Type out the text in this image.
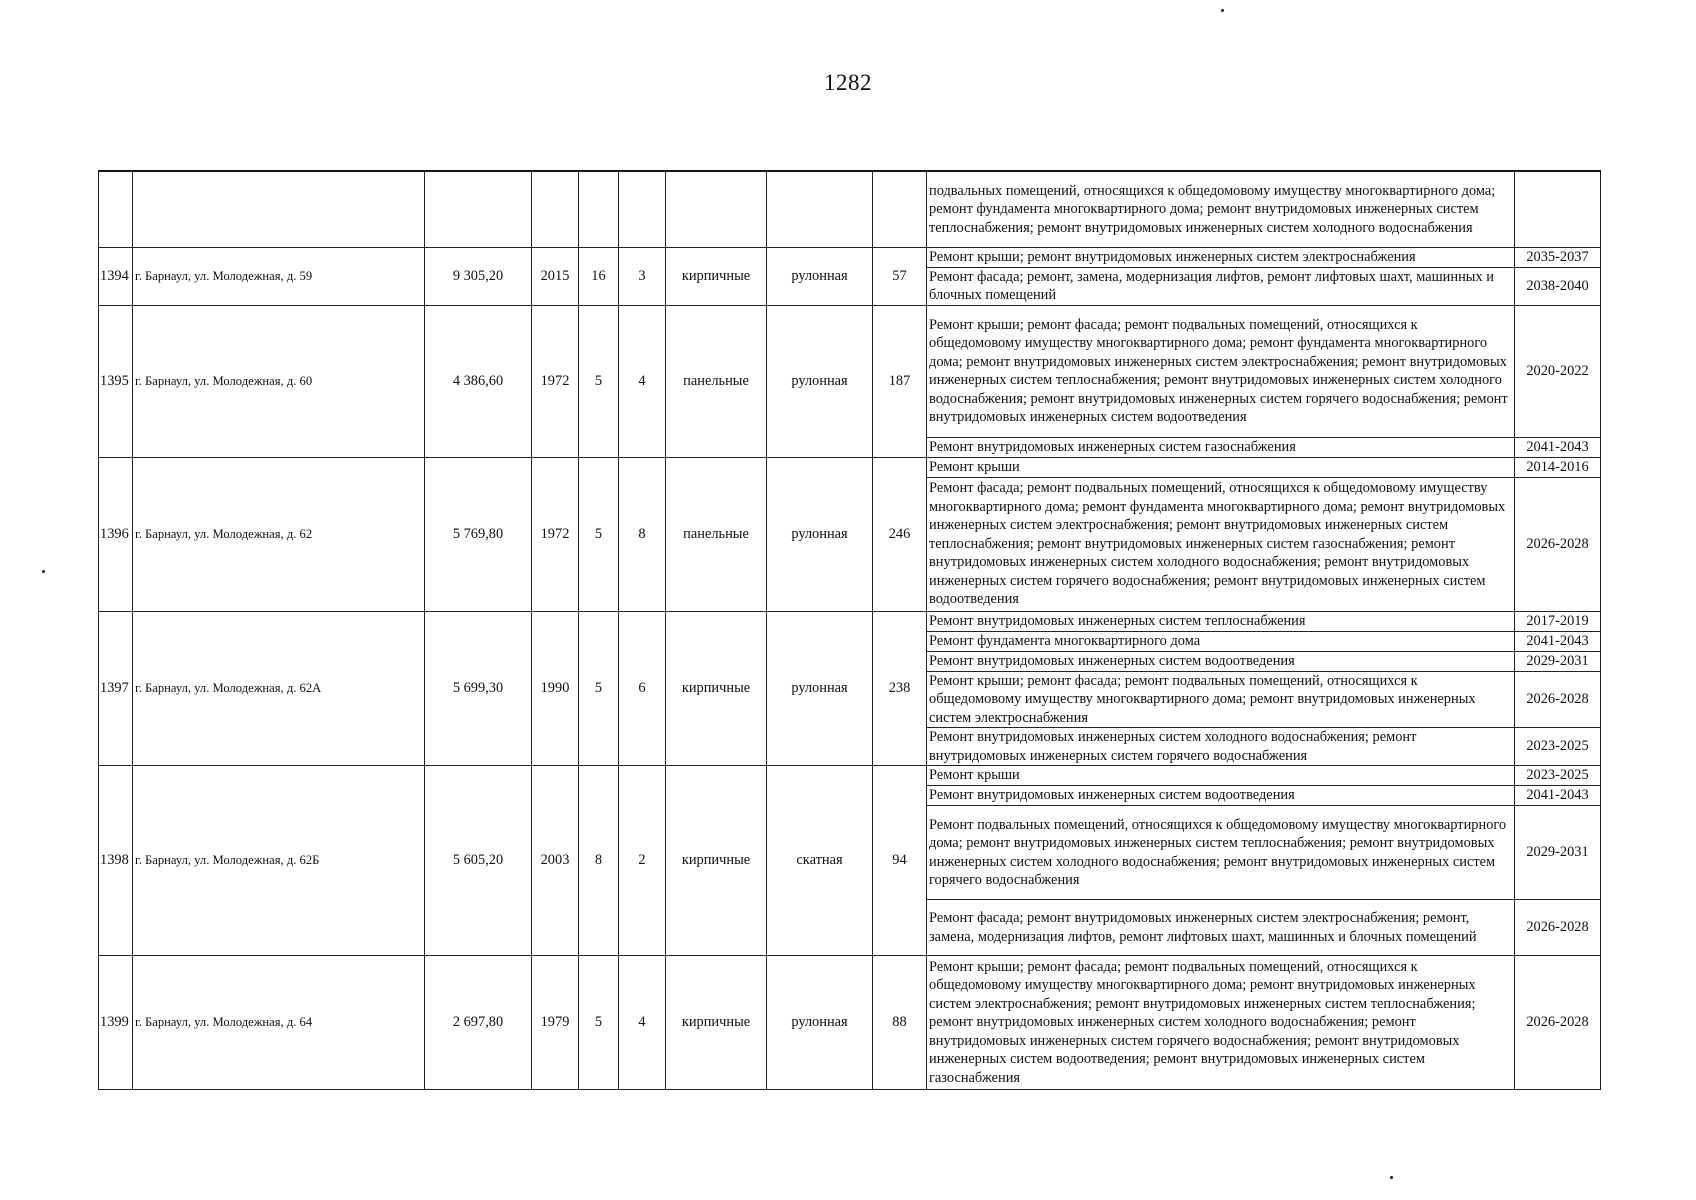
1282
									подвальных помещений, относящихся к общедомовому имуществу многоквартирного дома; ремонт фундамента многоквартирного дома; ремонт внутридомовых инженерных систем теплоснабжения; ремонт внутридомовых инженерных систем холодного водоснабжения	
1394	г. Барнаул, ул. Молодежная, д. 59	9 305,20	2015	16	3	кирпичные	рулонная	57	Ремонт крыши; ремонт внутридомовых инженерных систем электроснабжения	2035-2037
									Ремонт фасада; ремонт, замена, модернизация лифтов, ремонт лифтовых шахт, машинных и блочных помещений	2038-2040
1395	г. Барнаул, ул. Молодежная, д. 60	4 386,60	1972	5	4	панельные	рулонная	187	Ремонт крыши; ремонт фасада; ремонт подвальных помещений, относящихся к общедомовому имуществу многоквартирного дома; ремонт фундамента многоквартирного дома; ремонт внутридомовых инженерных систем электроснабжения; ремонт внутридомовых инженерных систем теплоснабжения; ремонт внутридомовых инженерных систем холодного водоснабжения; ремонт внутридомовых инженерных систем горячего водоснабжения; ремонт внутридомовых инженерных систем водоотведения	2020-2022
									Ремонт внутридомовых инженерных систем газоснабжения	2041-2043
1396	г. Барнаул, ул. Молодежная, д. 62	5 769,80	1972	5	8	панельные	рулонная	246	Ремонт крыши	2014-2016
									Ремонт фасада; ремонт подвальных помещений, относящихся к общедомовому имуществу многоквартирного дома; ремонт фундамента многоквартирного дома; ремонт внутридомовых инженерных систем электроснабжения; ремонт внутридомовых инженерных систем теплоснабжения; ремонт внутридомовых инженерных систем газоснабжения; ремонт внутридомовых инженерных систем холодного водоснабжения; ремонт внутридомовых инженерных систем горячего водоснабжения; ремонт внутридомовых инженерных систем водоотведения	2026-2028
1397	г. Барнаул, ул. Молодежная, д. 62А	5 699,30	1990	5	6	кирпичные	рулонная	238	Ремонт внутридомовых инженерных систем теплоснабжения	2017-2019
									Ремонт фундамента многоквартирного дома	2041-2043
									Ремонт внутридомовых инженерных систем водоотведения	2029-2031
									Ремонт крыши; ремонт фасада; ремонт подвальных помещений, относящихся к общедомовому имуществу многоквартирного дома; ремонт внутридомовых инженерных систем электроснабжения	2026-2028
									Ремонт внутридомовых инженерных систем холодного водоснабжения; ремонт внутридомовых инженерных систем горячего водоснабжения	2023-2025
1398	г. Барнаул, ул. Молодежная, д. 62Б	5 605,20	2003	8	2	кирпичные	скатная	94	Ремонт крыши	2023-2025
									Ремонт внутридомовых инженерных систем водоотведения	2041-2043
									Ремонт подвальных помещений, относящихся к общедомовому имуществу многоквартирного дома; ремонт внутридомовых инженерных систем теплоснабжения; ремонт внутридомовых инженерных систем холодного водоснабжения; ремонт внутридомовых инженерных систем горячего водоснабжения	2029-2031
									Ремонт фасада; ремонт внутридомовых инженерных систем электроснабжения; ремонт, замена, модернизация лифтов, ремонт лифтовых шахт, машинных и блочных помещений	2026-2028
1399	г. Барнаул, ул. Молодежная, д. 64	2 697,80	1979	5	4	кирпичные	рулонная	88	Ремонт крыши; ремонт фасада; ремонт подвальных помещений, относящихся к общедомовому имуществу многоквартирного дома; ремонт внутридомовых инженерных систем электроснабжения; ремонт внутридомовых инженерных систем теплоснабжения; ремонт внутридомовых инженерных систем холодного водоснабжения; ремонт внутридомовых инженерных систем горячего водоснабжения; ремонт внутридомовых инженерных систем водоотведения; ремонт внутридомовых инженерных систем газоснабжения	2026-2028
